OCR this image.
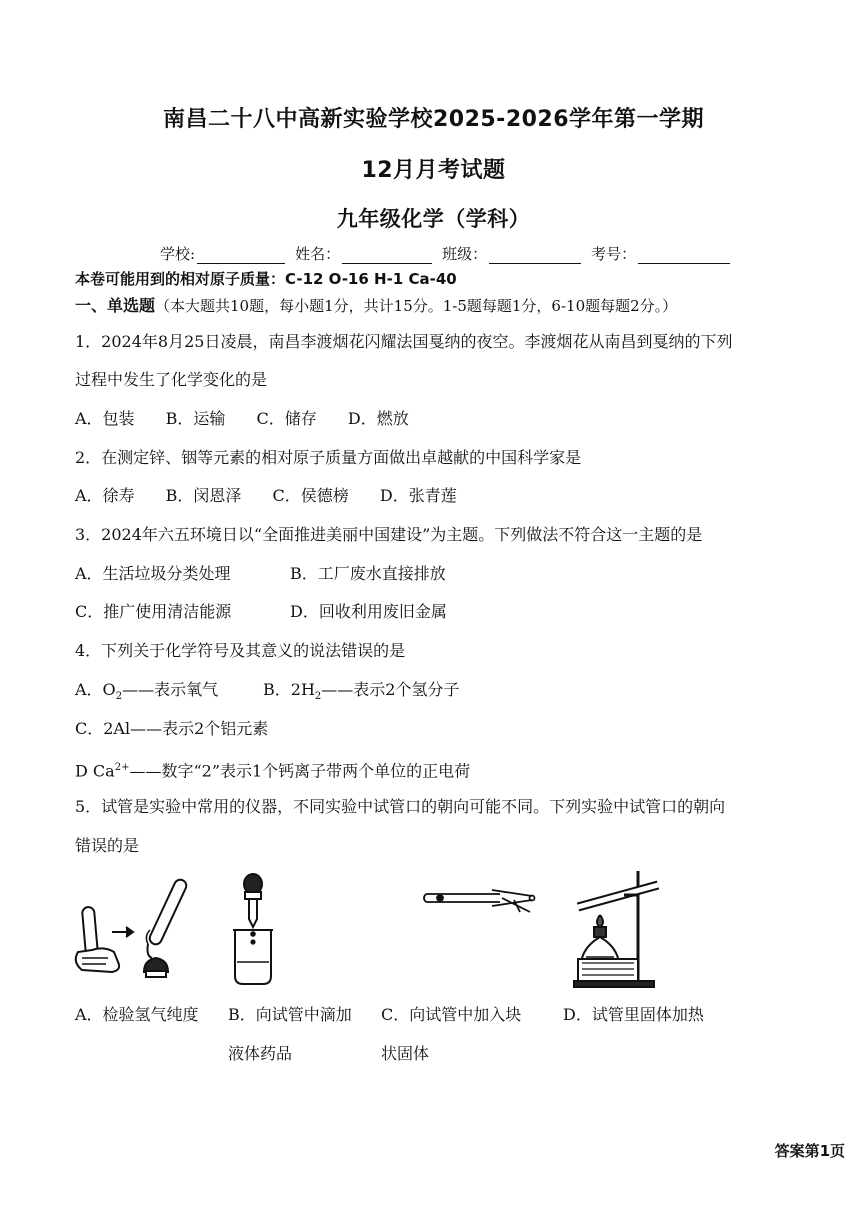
南昌二十八中高新实验学校2025-2026学年第一学期
12月月考试题
九年级化学（学科）
学校:	姓名：	班级：	考号：
本卷可能用到的相对原子质量：C-12 O-16 H-1 Ca-40
一、单选题（本大题共10题，每小题1分，共计15分。1-5题每题1分，6-10题每题2分。）
1．2024年8月25日凌晨，南昌李渡烟花闪耀法国戛纳的夜空。李渡烟花从南昌到戛纳的下列
过程中发生了化学变化的是
A．包装 B．运输 C．储存 D．燃放
2．在测定锌、铟等元素的相对原子质量方面做出卓越献的中国科学家是
A．徐寿 B．闵恩泽 C．侯德榜 D．张青莲
3．2024年六五环境日以“全面推进美丽中国建设”为主题。下列做法不符合这一主题的是
A．生活垃圾分类处理	B．工厂废水直接排放
C．推广使用清洁能源	D．回收利用废旧金属
4．下列关于化学符号及其意义的说法错误的是
A．$O_2——$表示氧气	B．$2H_2——$表示2个氢分子
C．2Al——表示2个铝元素
D $Ca^{2+}——$数字“2”表示1个钙离子带两个单位的正电荷
5．试管是实验中常用的仪器，不同实验中试管口的朝向可能不同。下列实验中试管口的朝向
错误的是
A．检验氢气纯度 B．向试管中滴加
液体药品
C．向试管中加入块
状固体
D．试管里固体加热
答案第1页
